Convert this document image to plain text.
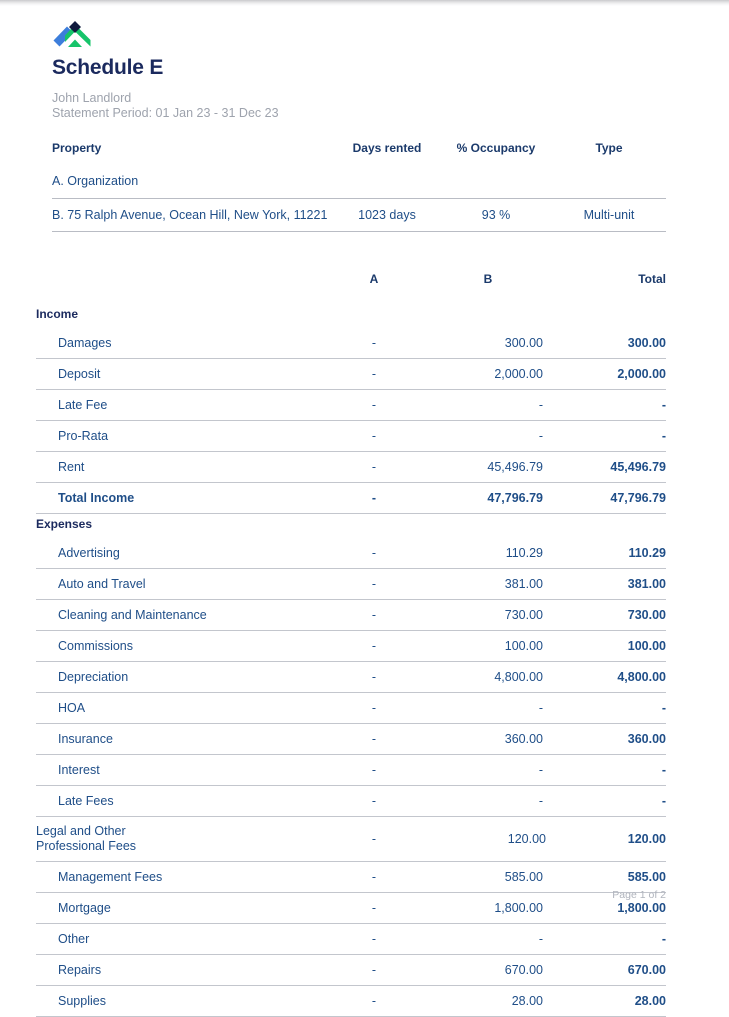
Schedule E
John Landlord
Statement Period: 01 Jan 23 - 31 Dec 23
Property	Days rented	% Occupancy	Type
A. Organization			
B. 75 Ralph Avenue, Ocean Hill, New York, 11221	1023 days	93 %	Multi-unit
	A	B	Total
Income			
Damages	-	300.00	300.00
Deposit	-	2,000.00	2,000.00
Late Fee	-	-	-
Pro-Rata	-	-	-
Rent	-	45,496.79	45,496.79
Total Income	-	47,796.79	47,796.79
Expenses			
Advertising	-	110.29	110.29
Auto and Travel	-	381.00	381.00
Cleaning and Maintenance	-	730.00	730.00
Commissions	-	100.00	100.00
Depreciation	-	4,800.00	4,800.00
HOA	-	-	-
Insurance	-	360.00	360.00
Interest	-	-	-
Late Fees	-	-	-
Legal and Other
Professional Fees	-	120.00	120.00
Management Fees	-	585.00	585.00
Mortgage	-	1,800.00	1,800.00
Other	-	-	-
Repairs	-	670.00	670.00
Supplies	-	28.00	28.00
Page 1 of 2
